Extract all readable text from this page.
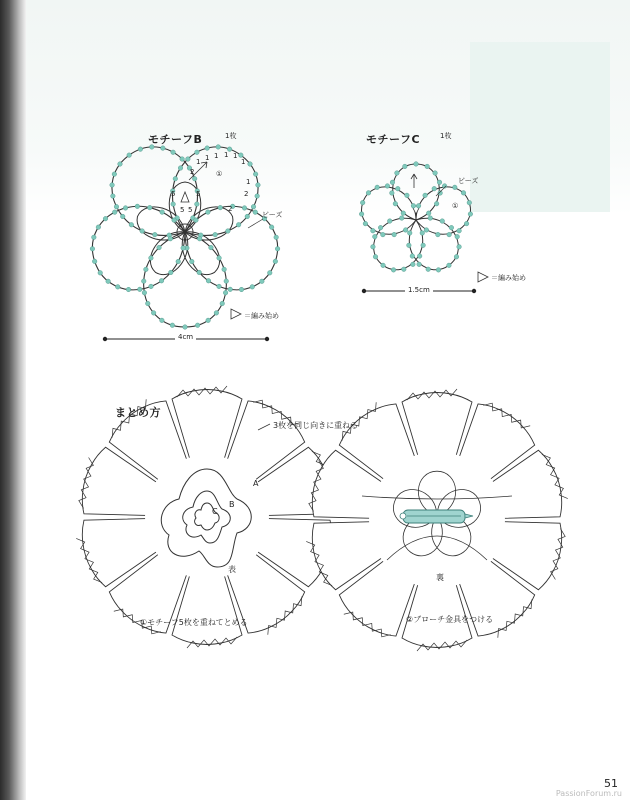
モチーフB	1枚
ビーズ
①
＝編み始め
4cm
1 1 1 1 1
1
1
2
2
5	5
5 5	2
モチーフC	1枚
ビーズ
①
＝編み始め
1.5cm
まとめ方
3枚を同じ向きに重ねる
A
B
C
表
裏
①モチーフ5枚を重ねてとめる	②ブローチ金具をつける
51
PassionForum.ru
